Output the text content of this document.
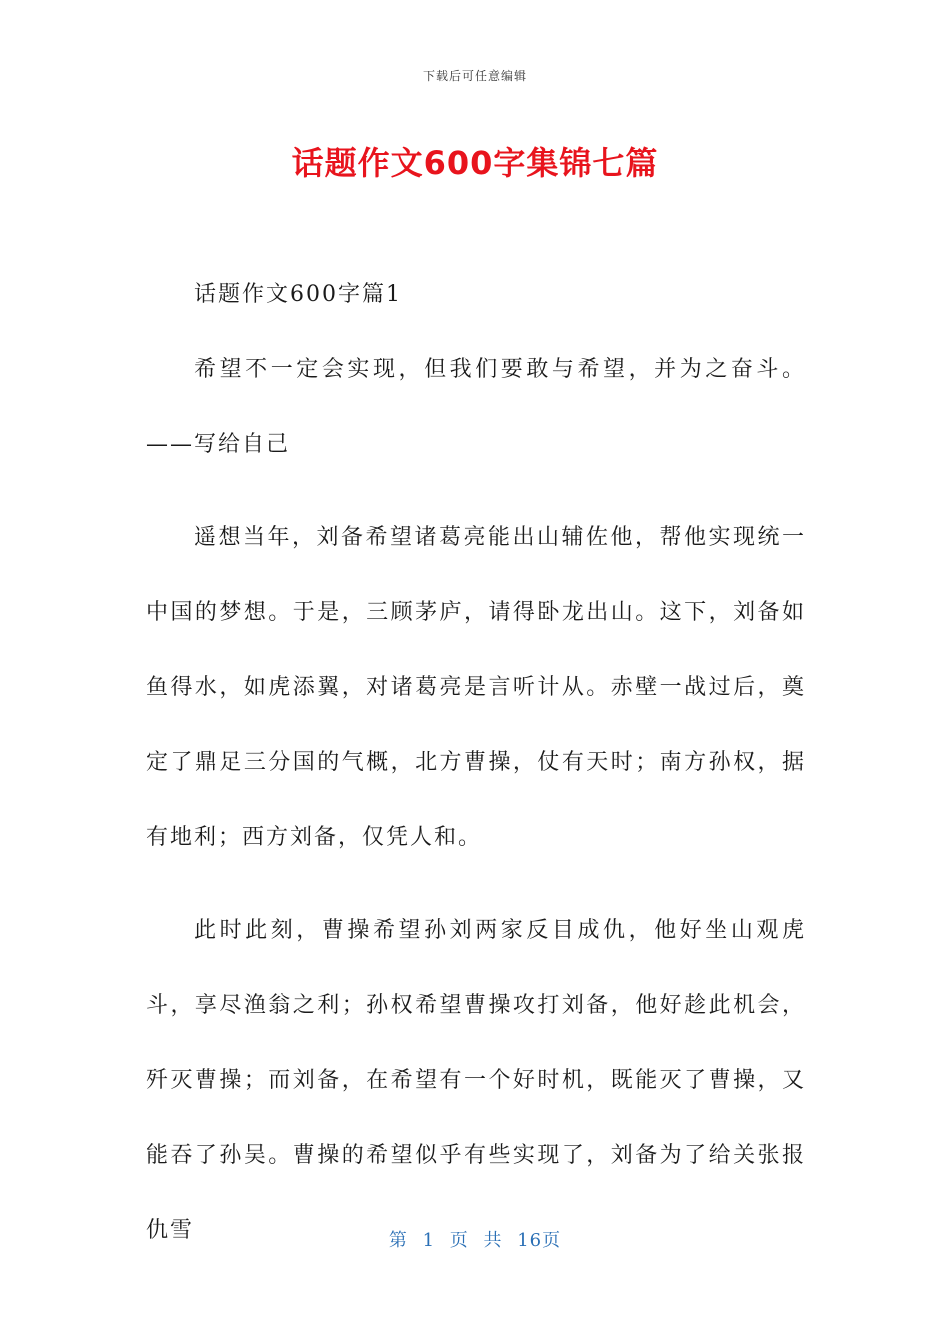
下载后可任意编辑
话题作文600字集锦七篇

话题作文600字篇1

希望不一定会实现，但我们要敢与希望，并为之奋斗。——写给自己

遥想当年，刘备希望诸葛亮能出山辅佐他，帮他实现统一中国的梦想。于是，三顾茅庐，请得卧龙出山。这下，刘备如鱼得水，如虎添翼，对诸葛亮是言听计从。赤壁一战过后，奠定了鼎足三分国的气概，北方曹操，仗有天时；南方孙权，据有地利；西方刘备，仅凭人和。

此时此刻，曹操希望孙刘两家反目成仇，他好坐山观虎斗，享尽渔翁之利；孙权希望曹操攻打刘备，他好趁此机会，歼灭曹操；而刘备，在希望有一个好时机，既能灭了曹操，又能吞了孙吴。曹操的希望似乎有些实现了，刘备为了给关张报仇雪	第 1 页 共 16页
